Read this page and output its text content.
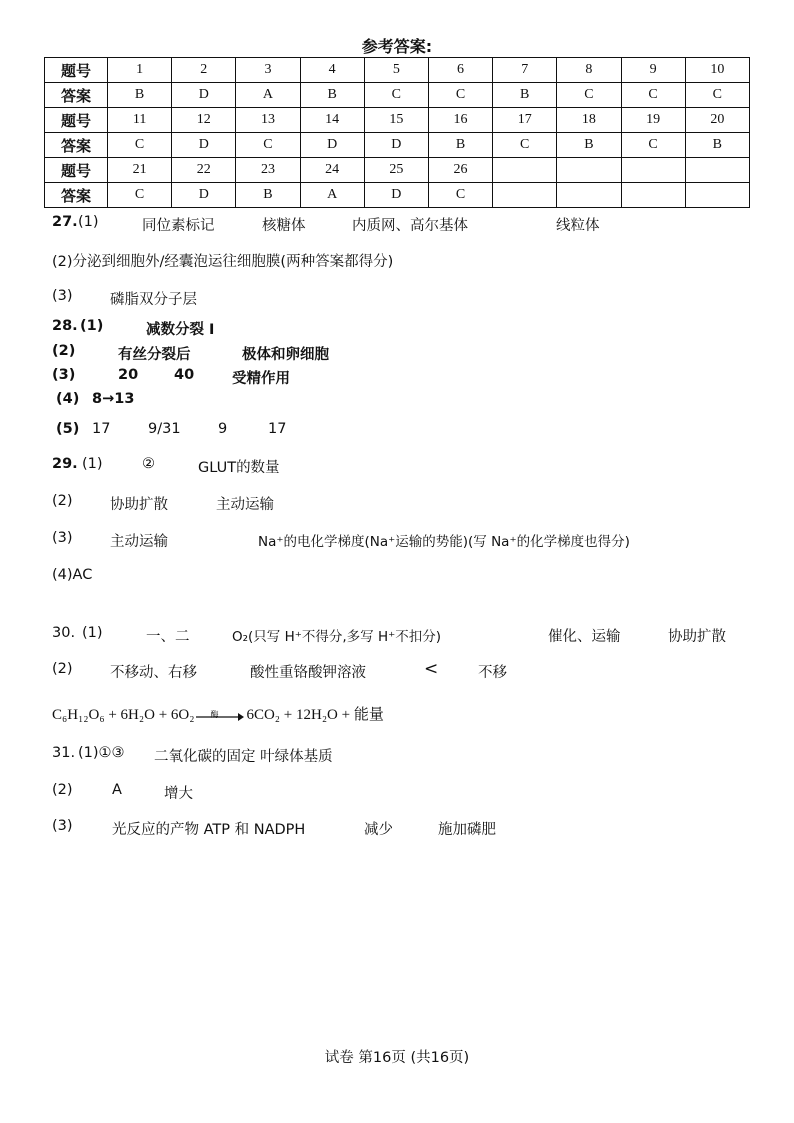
参考答案:
题号	1	2	3	4	5	6	7	8	9	10
答案	B	D	A	B	C	C	B	C	C	C
题号	11	12	13	14	15	16	17	18	19	20
答案	C	D	C	D	D	B	C	B	C	B
题号	21	22	23	24	25	26				
答案	C	D	B	A	D	C				
27. (1)	同位素标记	核糖体	内质网、高尔基体	线粒体
(2)分泌到细胞外/经囊泡运往细胞膜(两种答案都得分)
(3)	磷脂双分子层
28. (1)	减数分裂 I
(2)	有丝分裂后	极体和卵细胞
(3)	20 40	受精作用
(4) 8→13
(5) 17	9/31	9	17
29. (1)	②	GLUT的数量
(2)	协助扩散	主动运输
(3)	主动运输	Na⁺的电化学梯度(Na⁺运输的势能)(写 Na⁺的化学梯度也得分)
(4)AC
30. (1)	一、二	O₂(只写 H⁺不得分,多写 H⁺不扣分)	催化、运输	协助扩散
(2)	不移动、右移	酸性重铬酸钾溶液	<	不移
C₆H₁₂O₆ + 6H₂O + 6O₂ 酶 6CO₂ + 12H₂O + 能量
31. (1)①③ 二氧化碳的固定 叶绿体基质
(2)	A	增大
(3)	光反应的产物 ATP 和 NADPH	减少	施加磷肥
试卷 第16页 (共16页)
